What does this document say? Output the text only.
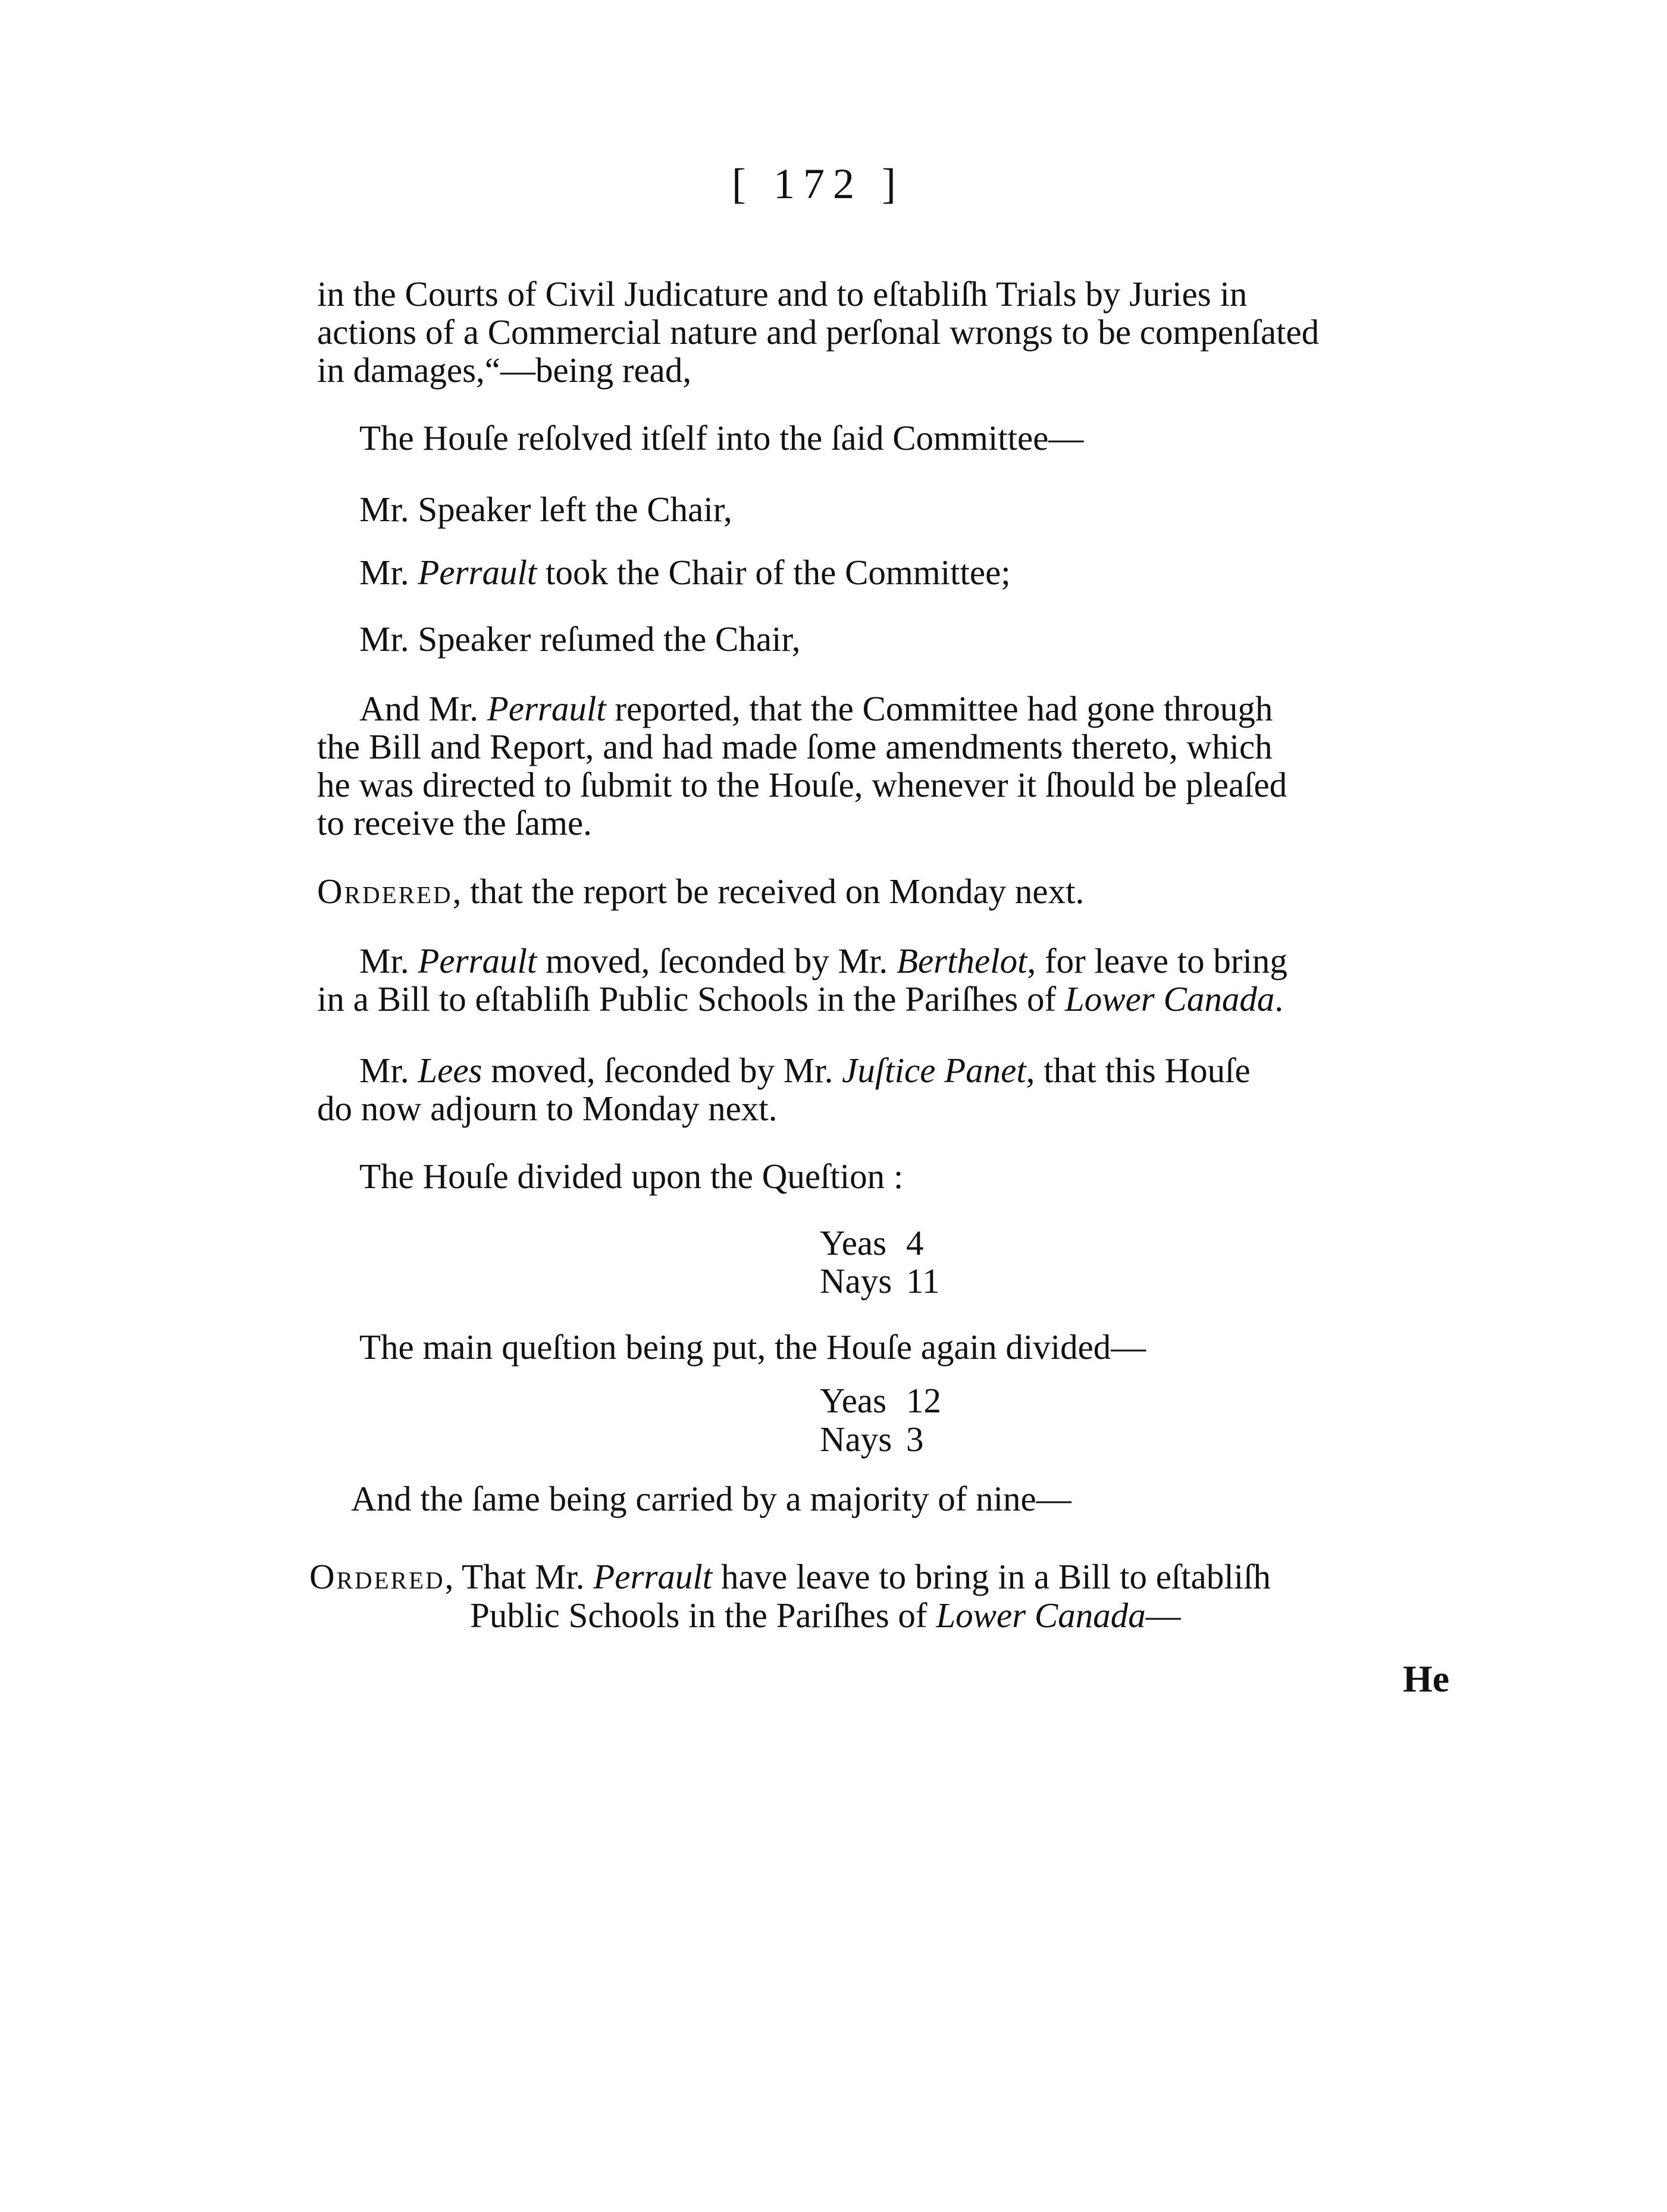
[ 172 ]

in the Courts of Civil Judicature and to eſtabliſh Trials by Juries in

actions of a Commercial nature and perſonal wrongs to be compenſated

in damages,“—being read,

The Houſe reſolved itſelf into the ſaid Committee—

Mr. Speaker left the Chair,

Mr. Perrault took the Chair of the Committee;

Mr. Speaker reſumed the Chair,

And Mr. Perrault reported, that the Committee had gone through

the Bill and Report, and had made ſome amendments thereto, which

he was directed to ſubmit to the Houſe, whenever it ſhould be pleaſed

to receive the ſame.

Ordered, that the report be received on Monday next.

Mr. Perrault moved, ſeconded by Mr. Berthelot, for leave to bring

in a Bill to eſtabliſh Public Schools in the Pariſhes of Lower Canada.

Mr. Lees moved, ſeconded by Mr. Juſtice Panet, that this Houſe

do now adjourn to Monday next.

The Houſe divided upon the Queſtion :

Yeas 4

Nays 11

The main queſtion being put, the Houſe again divided—

Yeas 12

Nays 3

And the ſame being carried by a majority of nine—

Ordered, That Mr. Perrault have leave to bring in a Bill to eſtabliſh

Public Schools in the Pariſhes of Lower Canada—

He
